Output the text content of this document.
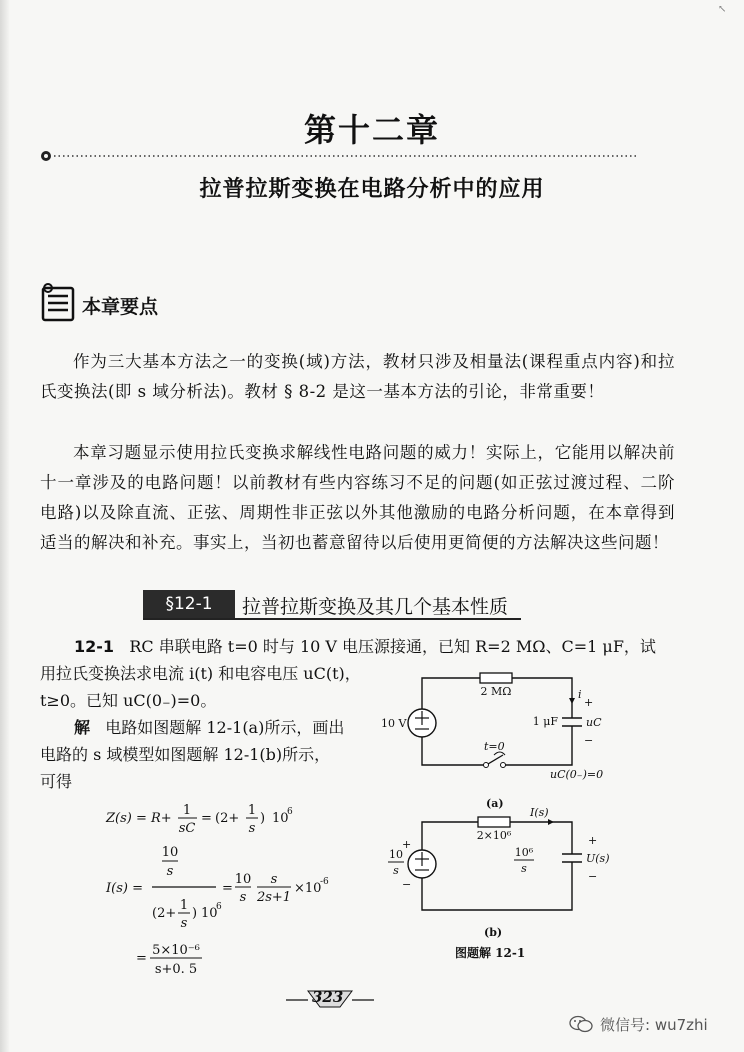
↖
第十二章
拉普拉斯变换在电路分析中的应用
本章要点

作为三大基本方法之一的变换(域)方法，教材只涉及相量法(课程重点内容)和拉氏变换法(即 s 域分析法)。教材 § 8-2 是这一基本方法的引论，非常重要！

本章习题显示使用拉氏变换求解线性电路问题的威力！实际上，它能用以解决前十一章涉及的电路问题！以前教材有些内容练习不足的问题(如正弦过渡过程、二阶电路)以及除直流、正弦、周期性非正弦以外其他激励的电路分析问题，在本章得到适当的解决和补充。事实上，当初也蓄意留待以后使用更简便的方法解决这些问题！

§12-1	拉普拉斯变换及其几个基本性质
12-1 RC 串联电路 t=0 时与 10 V 电压源接通，已知 R=2 MΩ、C=1 μF，试
用拉氏变换法求电流 i(t) 和电容电压 uC(t)，
t≥0。已知 uC(0₋)=0。
解 电路如图题解 12-1(a)所示，画出
电路的 s 域模型如图题解 12-1(b)所示，
可得
Z(s) = R+
1
sC
= (2+
1
s
) 10
6
I(s) =
10
s
(2+
1
s
) 10
6
=
10
s
s
2s+1
×10
-6
=
5×10⁻⁶
s+0. 5
2 MΩ
10 V	1 μF
i
+
uC
−
t=0
uC(0₋)=0
(a)
2×10⁶
I(s)
10
s
+
−
10⁶
s
+
U(s)
−
(b)
图题解 12-1
323
微信号: wu7zhi
